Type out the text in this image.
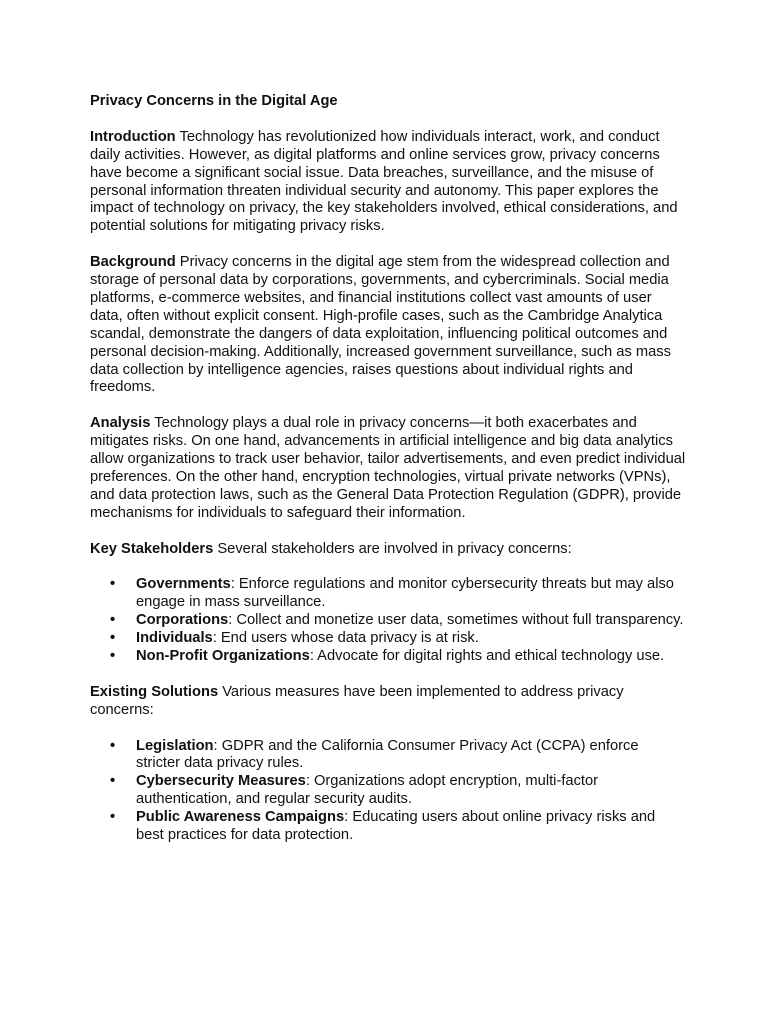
Privacy Concerns in the Digital Age

Introduction Technology has revolutionized how individuals interact, work, and conduct daily activities. However, as digital platforms and online services grow, privacy concerns have become a significant social issue. Data breaches, surveillance, and the misuse of personal information threaten individual security and autonomy. This paper explores the impact of technology on privacy, the key stakeholders involved, ethical considerations, and potential solutions for mitigating privacy risks.

Background Privacy concerns in the digital age stem from the widespread collection and storage of personal data by corporations, governments, and cybercriminals. Social media platforms, e-commerce websites, and financial institutions collect vast amounts of user data, often without explicit consent. High-profile cases, such as the Cambridge Analytica scandal, demonstrate the dangers of data exploitation, influencing political outcomes and personal decision-making. Additionally, increased government surveillance, such as mass data collection by intelligence agencies, raises questions about individual rights and freedoms.

Analysis Technology plays a dual role in privacy concerns—it both exacerbates and mitigates risks. On one hand, advancements in artificial intelligence and big data analytics allow organizations to track user behavior, tailor advertisements, and even predict individual preferences. On the other hand, encryption technologies, virtual private networks (VPNs), and data protection laws, such as the General Data Protection Regulation (GDPR), provide mechanisms for individuals to safeguard their information.

Key Stakeholders Several stakeholders are involved in privacy concerns:

• Governments: Enforce regulations and monitor cybersecurity threats but may also engage in mass surveillance.
• Corporations: Collect and monetize user data, sometimes without full transparency.
• Individuals: End users whose data privacy is at risk.
• Non-Profit Organizations: Advocate for digital rights and ethical technology use.

Existing Solutions Various measures have been implemented to address privacy concerns:

• Legislation: GDPR and the California Consumer Privacy Act (CCPA) enforce stricter data privacy rules.
• Cybersecurity Measures: Organizations adopt encryption, multi-factor authentication, and regular security audits.
• Public Awareness Campaigns: Educating users about online privacy risks and best practices for data protection.
